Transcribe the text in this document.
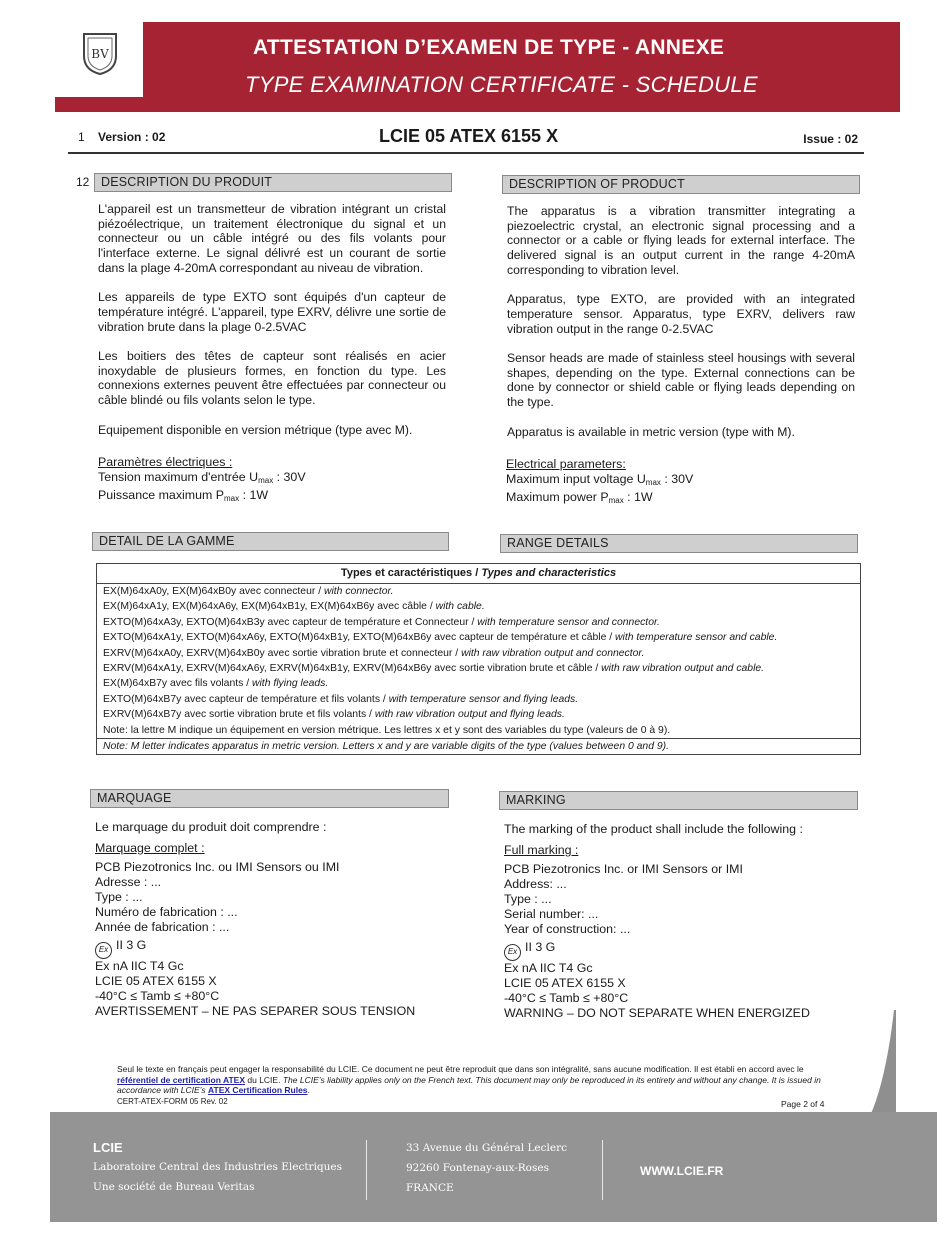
BV	ATTESTATION D’EXAMEN DE TYPE - ANNEXE
TYPE EXAMINATION CERTIFICATE - SCHEDULE
1 Version : 02	LCIE 05 ATEX 6155 X	Issue : 02
12 DESCRIPTION DU PRODUIT	DESCRIPTION OF PRODUCT

L'appareil est un transmetteur de vibration intégrant un cristal piézoélectrique, un traitement électronique du signal et un connecteur ou un câble intégré ou des fils volants pour l'interface externe. Le signal délivré est un courant de sortie dans la plage 4-20mA correspondant au niveau de vibration.

Les appareils de type EXTO sont équipés d'un capteur de température intégré. L'appareil, type EXRV, délivre une sortie de vibration brute dans la plage 0-2.5VAC

Les boitiers des têtes de capteur sont réalisés en acier inoxydable de plusieurs formes, en fonction du type. Les connexions externes peuvent être effectuées par connecteur ou câble blindé ou fils volants selon le type.

Equipement disponible en version métrique (type avec M).

Paramètres électriques :
Tension maximum d'entrée $U_{max}$ : 30V
Puissance maximum $P_{max}$ : 1W

The apparatus is a vibration transmitter integrating a piezoelectric crystal, an electronic signal processing and a connector or a cable or flying leads for external interface. The delivered signal is an output current in the range 4-20mA corresponding to vibration level.

Apparatus, type EXTO, are provided with an integrated temperature sensor. Apparatus, type EXRV, delivers raw vibration output in the range 0-2.5VAC

Sensor heads are made of stainless steel housings with several shapes, depending on the type. External connections can be done by connector or shield cable or flying leads depending on the type.

Apparatus is available in metric version (type with M).

Electrical parameters:
Maximum input voltage $U_{max}$ : 30V
Maximum power $P_{max}$ : 1W
DETAIL DE LA GAMME	RANGE DETAILS
Types et caractéristiques / Types and characteristics
EX(M)64xA0y, EX(M)64xB0y avec connecteur / with connector.
EX(M)64xA1y, EX(M)64xA6y, EX(M)64xB1y, EX(M)64xB6y avec câble / with cable.
EXTO(M)64xA3y, EXTO(M)64xB3y avec capteur de température et Connecteur / with temperature sensor and connector.
EXTO(M)64xA1y, EXTO(M)64xA6y, EXTO(M)64xB1y, EXTO(M)64xB6y avec capteur de température et câble / with temperature sensor and cable.
EXRV(M)64xA0y, EXRV(M)64xB0y avec sortie vibration brute et connecteur / with raw vibration output and connector.
EXRV(M)64xA1y, EXRV(M)64xA6y, EXRV(M)64xB1y, EXRV(M)64xB6y avec sortie vibration brute et câble / with raw vibration output and cable.
EX(M)64xB7y avec fils volants / with flying leads.
EXTO(M)64xB7y avec capteur de température et fils volants / with temperature sensor and flying leads.
EXRV(M)64xB7y avec sortie vibration brute et fils volants / with raw vibration output and flying leads.
Note: la lettre M indique un équipement en version métrique. Les lettres x et y sont des variables du type (valeurs de 0 à 9).
Note: M letter indicates apparatus in metric version. Letters x and y are variable digits of the type (values between 0 and 9).
MARQUAGE	MARKING
Le marquage du produit doit comprendre :
Marquage complet :
PCB Piezotronics Inc. ou IMI Sensors ou IMI
Adresse : ...
Type : ...
Numéro de fabrication : ...
Année de fabrication : ...
Ex II 3 G
Ex nA IIC T4 Gc
LCIE 05 ATEX 6155 X
-40°C ≤ Tamb ≤ +80°C
AVERTISSEMENT – NE PAS SEPARER SOUS TENSION
The marking of the product shall include the following :
Full marking :
PCB Piezotronics Inc. or IMI Sensors or IMI
Address: ...
Type : ...
Serial number: ...
Year of construction: ...
Ex II 3 G
Ex nA IIC T4 Gc
LCIE 05 ATEX 6155 X
-40°C ≤ Tamb ≤ +80°C
WARNING – DO NOT SEPARATE WHEN ENERGIZED
Seul le texte en français peut engager la responsabilité du LCIE. Ce document ne peut être reproduit que dans son intégralité, sans aucune modification. Il est établi en accord avec le référentiel de certification ATEX du LCIE. The LCIE’s liability applies only on the French text. This document may only be reproduced in its entirety and without any change. It is issued in accordance with LCIE’s ATEX Certification Rules.
CERT-ATEX-FORM 05 Rev. 02	Page 2 of 4
LCIE
Laboratoire Central des Industries Electriques
Une société de Bureau Veritas
33 Avenue du Général Leclerc
92260 Fontenay-aux-Roses
FRANCE
WWW.LCIE.FR
